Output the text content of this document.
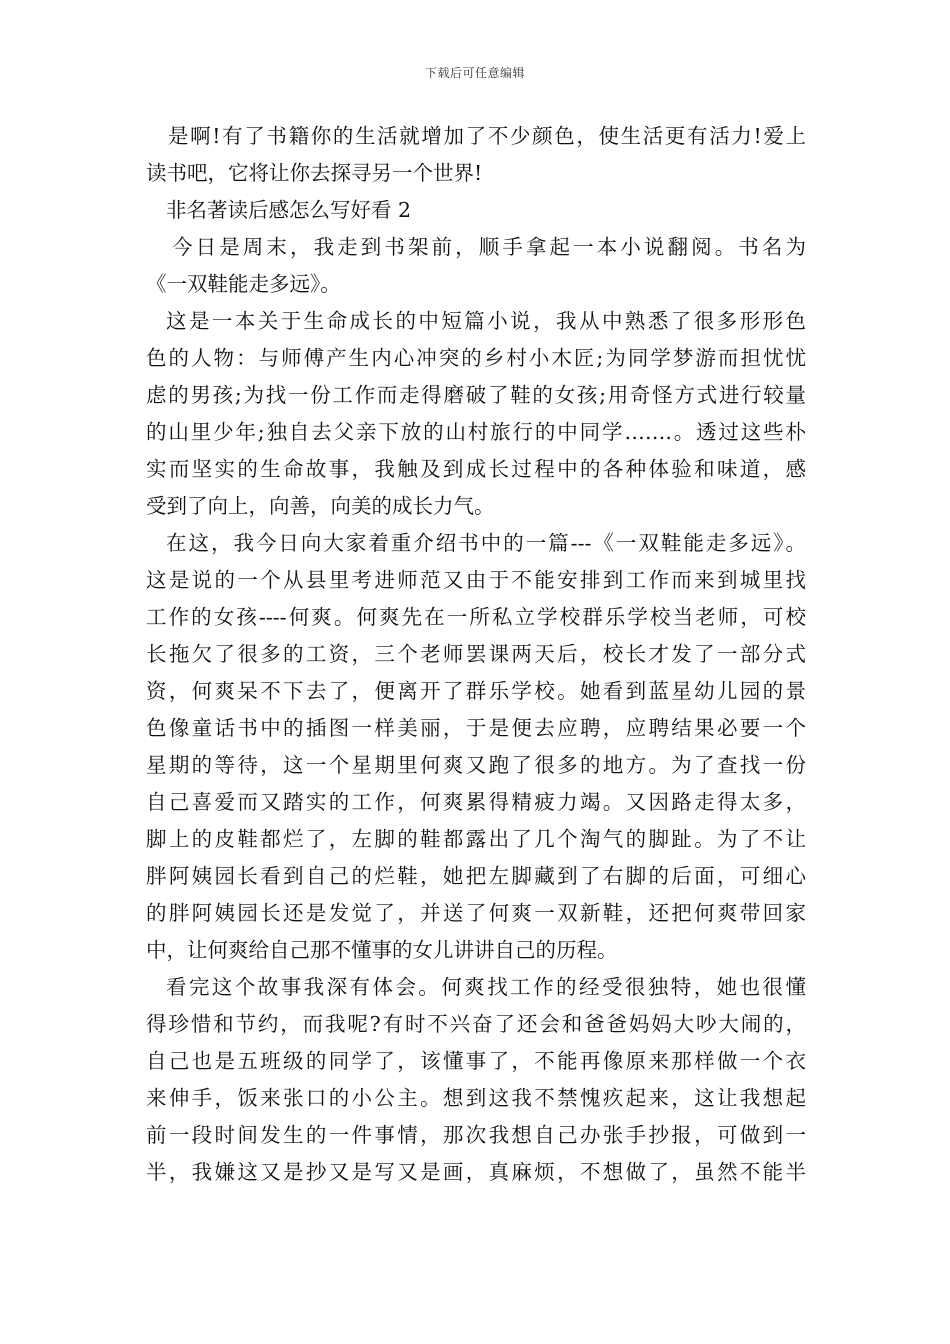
下载后可任意编辑
是啊!有了书籍你的生活就增加了不少颜色，使生活更有活力!爱上
读书吧，它将让你去探寻另一个世界!
非名著读后感怎么写好看 2
今日是周末，我走到书架前，顺手拿起一本小说翻阅。书名为
《一双鞋能走多远》。
这是一本关于生命成长的中短篇小说，我从中熟悉了很多形形色
色的人物：与师傅产生内心冲突的乡村小木匠;为同学梦游而担忧忧
虑的男孩;为找一份工作而走得磨破了鞋的女孩;用奇怪方式进行较量
的山里少年;独自去父亲下放的山村旅行的中同学…….。透过这些朴
实而坚实的生命故事，我触及到成长过程中的各种体验和味道，感
受到了向上，向善，向美的成长力气。
在这，我今日向大家着重介绍书中的一篇---《一双鞋能走多远》。
这是说的一个从县里考进师范又由于不能安排到工作而来到城里找
工作的女孩----何爽。何爽先在一所私立学校群乐学校当老师，可校
长拖欠了很多的工资，三个老师罢课两天后，校长才发了一部分式
资，何爽呆不下去了，便离开了群乐学校。她看到蓝星幼儿园的景
色像童话书中的插图一样美丽，于是便去应聘，应聘结果必要一个
星期的等待，这一个星期里何爽又跑了很多的地方。为了查找一份
自己喜爱而又踏实的工作，何爽累得精疲力竭。又因路走得太多，
脚上的皮鞋都烂了，左脚的鞋都露出了几个淘气的脚趾。为了不让
胖阿姨园长看到自己的烂鞋，她把左脚藏到了右脚的后面，可细心
的胖阿姨园长还是发觉了，并送了何爽一双新鞋，还把何爽带回家
中，让何爽给自己那不懂事的女儿讲讲自己的历程。
看完这个故事我深有体会。何爽找工作的经受很独特，她也很懂
得珍惜和节约，而我呢?有时不兴奋了还会和爸爸妈妈大吵大闹的，
自己也是五班级的同学了，该懂事了，不能再像原来那样做一个衣
来伸手，饭来张口的小公主。想到这我不禁愧疚起来，这让我想起
前一段时间发生的一件事情，那次我想自己办张手抄报，可做到一
半，我嫌这又是抄又是写又是画，真麻烦，不想做了，虽然不能半
